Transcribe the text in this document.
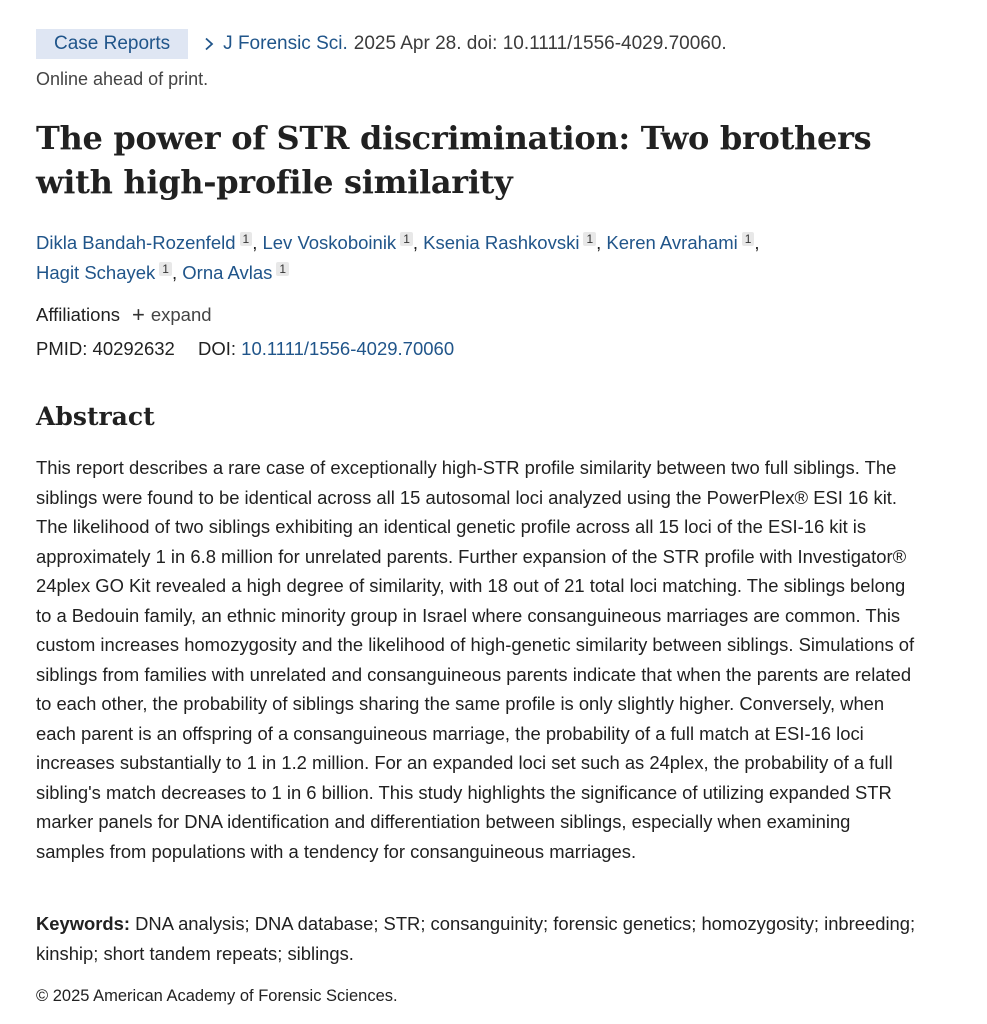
Case Reports	J Forensic Sci. 2025 Apr 28. doi: 10.1111/1556-4029.70060.
Online ahead of print.
The power of STR discrimination: Two brothers with high-profile similarity
Dikla Bandah-Rozenfeld 1 , Lev Voskoboinik 1 , Ksenia Rashkovski 1 , Keren Avrahami 1 ,
Hagit Schayek 1 , Orna Avlas 1
Affiliations + expand
PMID: 40292632 DOI: 10.1111/1556-4029.70060
Abstract

This report describes a rare case of exceptionally high-STR profile similarity between two full siblings. The siblings were found to be identical across all 15 autosomal loci analyzed using the PowerPlex® ESI 16 kit. The likelihood of two siblings exhibiting an identical genetic profile across all 15 loci of the ESI-16 kit is approximately 1 in 6.8 million for unrelated parents. Further expansion of the STR profile with Investigator® 24plex GO Kit revealed a high degree of similarity, with 18 out of 21 total loci matching. The siblings belong to a Bedouin family, an ethnic minority group in Israel where consanguineous marriages are common. This custom increases homozygosity and the likelihood of high-genetic similarity between siblings. Simulations of siblings from families with unrelated and consanguineous parents indicate that when the parents are related to each other, the probability of siblings sharing the same profile is only slightly higher. Conversely, when each parent is an offspring of a consanguineous marriage, the probability of a full match at ESI-16 loci increases substantially to 1 in 1.2 million. For an expanded loci set such as 24plex, the probability of a full sibling's match decreases to 1 in 6 billion. This study highlights the significance of utilizing expanded STR marker panels for DNA identification and differentiation between siblings, especially when examining samples from populations with a tendency for consanguineous marriages.

Keywords: DNA analysis; DNA database; STR; consanguinity; forensic genetics; homozygosity; inbreeding; kinship; short tandem repeats; siblings.
© 2025 American Academy of Forensic Sciences.
